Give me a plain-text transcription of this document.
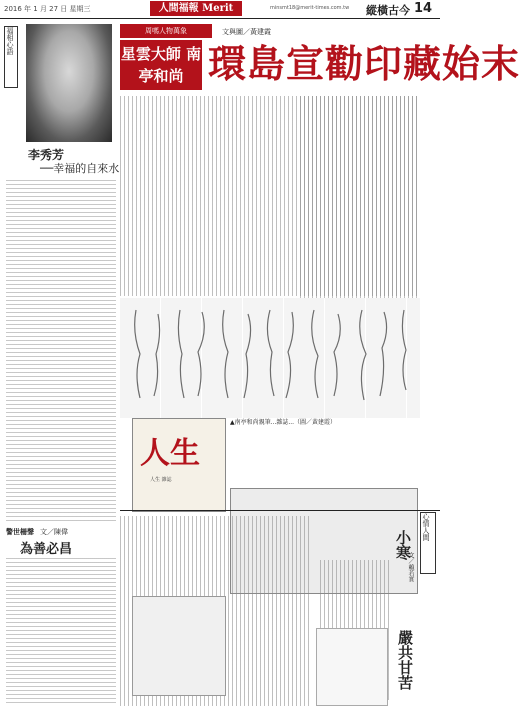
2016 年 1 月 27 日 星期三	人間福報 Merit	minsmt18@merit-times.com.tw 縱橫古今 14
福相心語
李秀芳
──幸福的自來水
警世柵聲 文／陳偉
為善必昌
周嗎人物萬象	文與圖／黃建霞
星雲大師 南亭和尚 環島宣勸印藏始末
人生
人生 雜誌
▲南亭和尚親筆...雜誌...（圖／黃建霞）
心情人間
小寒
文／賴若實
嚴共甘苦
